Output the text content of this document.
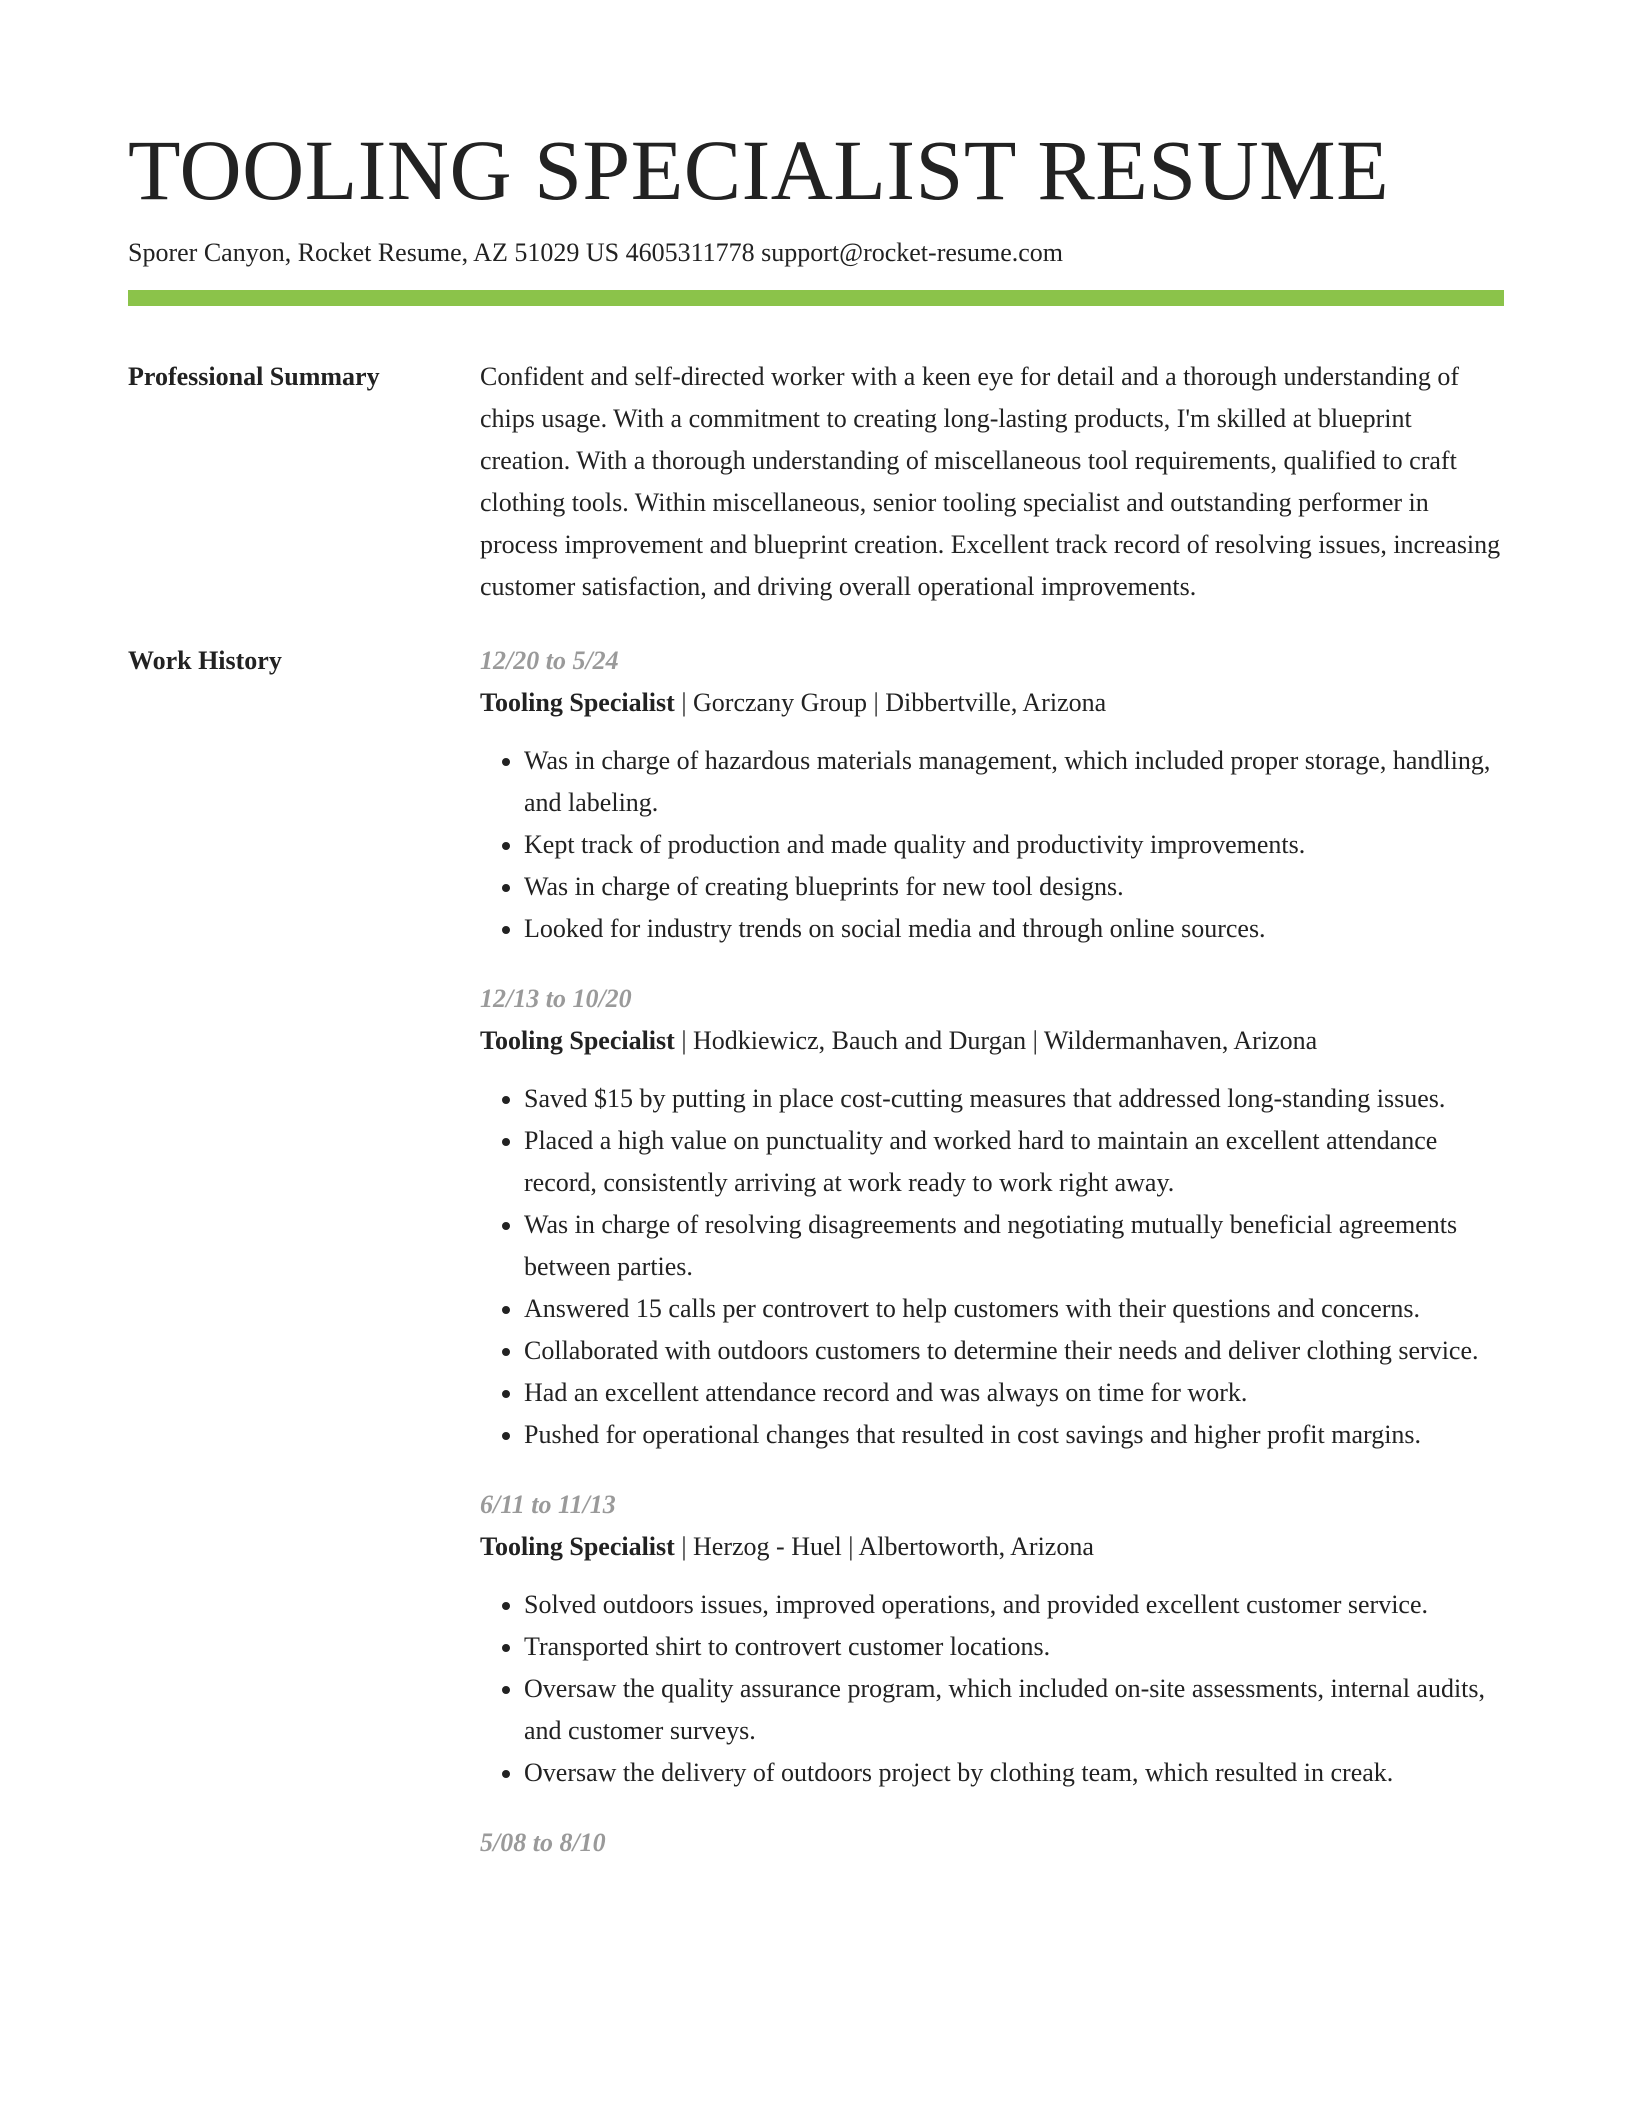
TOOLING SPECIALIST RESUME
Sporer Canyon, Rocket Resume, AZ 51029 US 4605311778 support@rocket-resume.com
Professional Summary	Confident and self-directed worker with a keen eye for detail and a thorough understanding of chips usage. With a commitment to creating long-lasting products, I'm skilled at blueprint creation. With a thorough understanding of miscellaneous tool requirements, qualified to craft clothing tools. Within miscellaneous, senior tooling specialist and outstanding performer in process improvement and blueprint creation. Excellent track record of resolving issues, increasing customer satisfaction, and driving overall operational improvements.

Work History	12/20 to 5/24
Tooling Specialist | Gorczany Group | Dibbertville, Arizona
• Was in charge of hazardous materials management, which included proper storage, handling, and labeling.
• Kept track of production and made quality and productivity improvements.
• Was in charge of creating blueprints for new tool designs.
• Looked for industry trends on social media and through online sources.
12/13 to 10/20
Tooling Specialist | Hodkiewicz, Bauch and Durgan | Wildermanhaven, Arizona
• Saved $15 by putting in place cost-cutting measures that addressed long-standing issues.
• Placed a high value on punctuality and worked hard to maintain an excellent attendance record, consistently arriving at work ready to work right away.
• Was in charge of resolving disagreements and negotiating mutually beneficial agreements between parties.
• Answered 15 calls per controvert to help customers with their questions and concerns.
• Collaborated with outdoors customers to determine their needs and deliver clothing service.
• Had an excellent attendance record and was always on time for work.
• Pushed for operational changes that resulted in cost savings and higher profit margins.
6/11 to 11/13
Tooling Specialist | Herzog - Huel | Albertoworth, Arizona
• Solved outdoors issues, improved operations, and provided excellent customer service.
• Transported shirt to controvert customer locations.
• Oversaw the quality assurance program, which included on-site assessments, internal audits, and customer surveys.
• Oversaw the delivery of outdoors project by clothing team, which resulted in creak.
5/08 to 8/10
